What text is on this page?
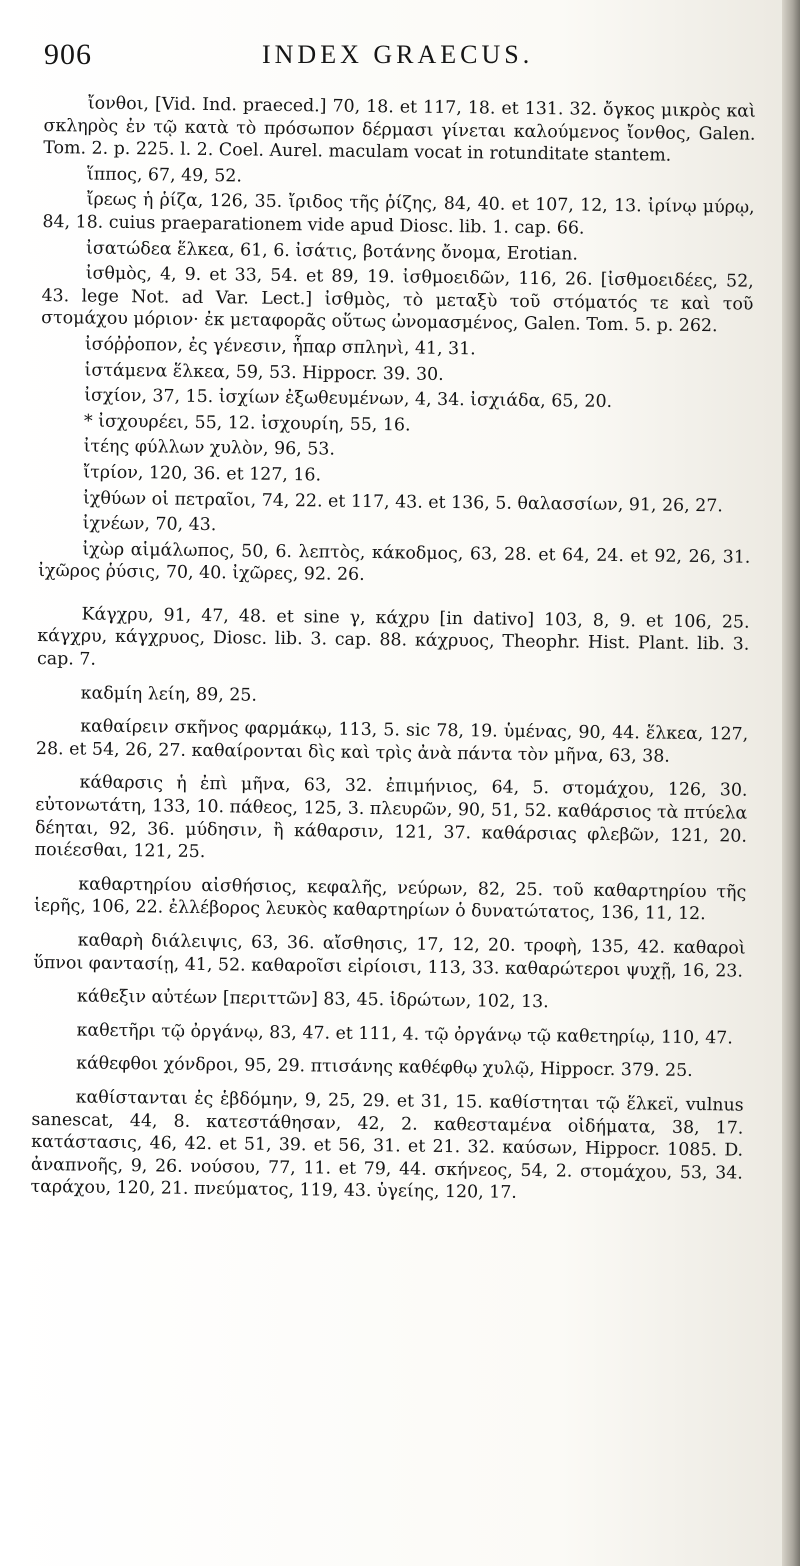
906	INDEX GRAECUS.

ἴονθοι, [Vid. Ind. praeced.] 70, 18. et 117, 18. et 131. 32. ὄγκος μικρὸς καὶ σκληρὸς ἐν τῷ κατὰ τὸ πρόσωπον δέρμασι γίνεται καλούμενος ἴονθος, Galen. Tom. 2. p. 225. l. 2. Coel. Aurel. maculam vocat in rotunditate stantem.

ἵππος, 67, 49, 52.

ἴρεως ἡ ῥίζα, 126, 35. ἴριδος τῆς ῥίζης, 84, 40. et 107, 12, 13. ἰρίνῳ μύρῳ, 84, 18. cuius praeparationem vide apud Diosc. lib. 1. cap. 66.

ἰσατώδεα ἕλκεα, 61, 6. ἰσάτις, βοτάνης ὄνομα, Erotian.

ἰσθμὸς, 4, 9. et 33, 54. et 89, 19. ἰσθμοειδῶν, 116, 26. [ἰσθμοειδέες, 52, 43. lege Not. ad Var. Lect.] ἰσθμὸς, τὸ μεταξὺ τοῦ στόματός τε καὶ τοῦ στομάχου μόριον· ἐκ μεταφορᾶς οὕτως ὠνομασμένος, Galen. Tom. 5. p. 262.

ἰσόῤῥοπον, ἐς γένεσιν, ἧπαρ σπληνὶ, 41, 31.

ἱστάμενα ἕλκεα, 59, 53. Hippocr. 39. 30.

ἰσχίον, 37, 15. ἰσχίων ἐξωθευμένων, 4, 34. ἰσχιάδα, 65, 20.

* ἰσχουρέει, 55, 12. ἰσχουρίη, 55, 16.

ἰτέης φύλλων χυλὸν, 96, 53.

ἴτρίον, 120, 36. et 127, 16.

ἰχθύων οἱ πετραῖοι, 74, 22. et 117, 43. et 136, 5. θαλασσίων, 91, 26, 27.

ἰχνέων, 70, 43.

ἰχὼρ αἱμάλωπος, 50, 6. λεπτὸς, κάκοδμος, 63, 28. et 64, 24. et 92, 26, 31. ἰχῶρος ῥύσις, 70, 40. ἰχῶρες, 92. 26.

Κάγχρυ, 91, 47, 48. et sine γ, κάχρυ [in dativo] 103, 8, 9. et 106, 25. κάγχρυ, κάγχρυος, Diosc. lib. 3. cap. 88. κάχρυος, Theophr. Hist. Plant. lib. 3. cap. 7.

καδμίη λείη, 89, 25.

καθαίρειν σκῆνος φαρμάκῳ, 113, 5. sic 78, 19. ὑμένας, 90, 44. ἕλκεα, 127, 28. et 54, 26, 27. καθαίρονται δὶς καὶ τρὶς ἀνὰ πάντα τὸν μῆνα, 63, 38.

κάθαρσις ἡ ἐπὶ μῆνα, 63, 32. ἐπιμήνιος, 64, 5. στομάχου, 126, 30. εὐτονωτάτη, 133, 10. πάθεος, 125, 3. πλευρῶν, 90, 51, 52. καθάρσιος τὰ πτύελα δέηται, 92, 36. μύδησιν, ἢ κάθαρσιν, 121, 37. καθάρσιας φλεβῶν, 121, 20. ποιέεσθαι, 121, 25.

καθαρτηρίου αἰσθήσιος, κεφαλῆς, νεύρων, 82, 25. τοῦ καθαρτηρίου τῆς ἱερῆς, 106, 22. ἐλλέβορος λευκὸς καθαρτηρίων ὁ δυνατώτατος, 136, 11, 12.

καθαρὴ διάλειψις, 63, 36. αἴσθησις, 17, 12, 20. τροφὴ, 135, 42. καθαροὶ ὕπνοι φαντασίῃ, 41, 52. καθαροῖσι εἰρίοισι, 113, 33. καθαρώτεροι ψυχῇ, 16, 23.

κάθεξιν αὐτέων [περιττῶν] 83, 45. ἱδρώτων, 102, 13.

καθετῆρι τῷ ὀργάνῳ, 83, 47. et 111, 4. τῷ ὀργάνῳ τῷ καθετηρίῳ, 110, 47.

κάθεφθοι χόνδροι, 95, 29. πτισάνης καθέφθῳ χυλῷ, Hippocr. 379. 25.

καθίστανται ἐς ἑβδόμην, 9, 25, 29. et 31, 15. καθίστηται τῷ ἕλκεϊ, vulnus sanescat, 44, 8. κατεστάθησαν, 42, 2. καθεσταμένα οἰδήματα, 38, 17. κατάστασις, 46, 42. et 51, 39. et 56, 31. et 21. 32. καύσων, Hippocr. 1085. D. ἀναπνοῆς, 9, 26. νούσου, 77, 11. et 79, 44. σκήνεος, 54, 2. στομάχου, 53, 34. ταράχου, 120, 21. πνεύματος, 119, 43. ὑγείης, 120, 17.
